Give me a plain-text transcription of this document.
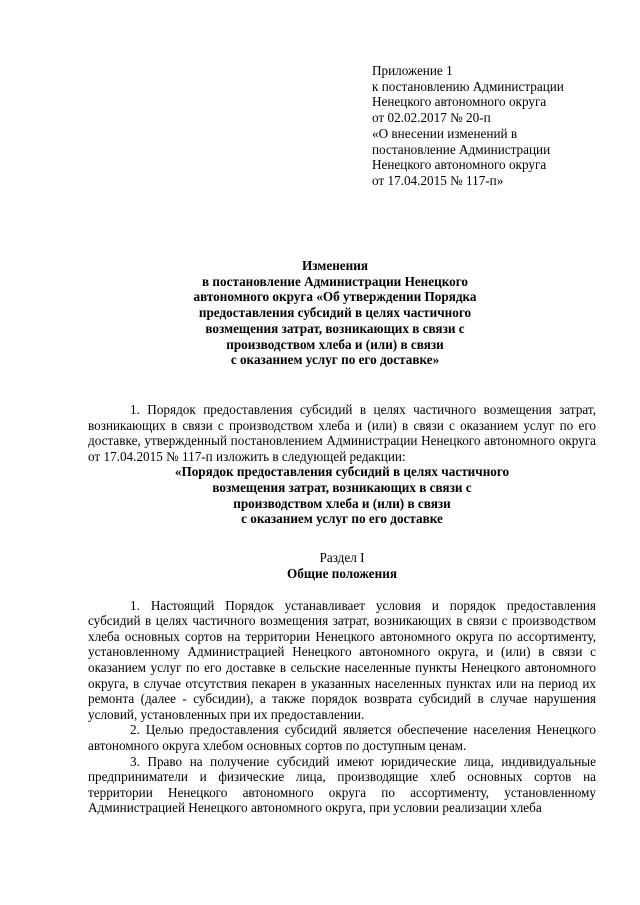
Приложение 1
к постановлению Администрации
Ненецкого автономного округа
от 02.02.2017 № 20-п
«О внесении изменений в
постановление Администрации
Ненецкого автономного округа
от 17.04.2015 № 117-п»
Изменения
в постановление Администрации Ненецкого
автономного округа «Об утверждении Порядка
предоставления субсидий в целях частичного
возмещения затрат, возникающих в связи с
производством хлеба и (или) в связи
с оказанием услуг по его доставке»

1. Порядок предоставления субсидий в целях частичного возмещения затрат, возникающих в связи с производством хлеба и (или) в связи с оказанием услуг по его доставке, утвержденный постановлением Администрации Ненецкого автономного округа от 17.04.2015 № 117-п изложить в следующей редакции:

«Порядок предоставления субсидий в целях частичного
возмещения затрат, возникающих в связи с
производством хлеба и (или) в связи
с оказанием услуг по его доставке
Раздел I
Общие положения

1. Настоящий Порядок устанавливает условия и порядок предоставления субсидий в целях частичного возмещения затрат, возникающих в связи с производством хлеба основных сортов на территории Ненецкого автономного округа по ассортименту, установленному Администрацией Ненецкого автономного округа, и (или) в связи с оказанием услуг по его доставке в сельские населенные пункты Ненецкого автономного округа, в случае отсутствия пекарен в указанных населенных пунктах или на период их ремонта (далее - субсидии), а также порядок возврата субсидий в случае нарушения условий, установленных при их предоставлении.

2. Целью предоставления субсидий является обеспечение населения Ненецкого автономного округа хлебом основных сортов по доступным ценам.

3. Право на получение субсидий имеют юридические лица, индивидуальные предприниматели и физические лица, производящие хлеб основных сортов на территории Ненецкого автономного округа по ассортименту, установленному Администрацией Ненецкого автономного округа, при условии реализации хлеба
